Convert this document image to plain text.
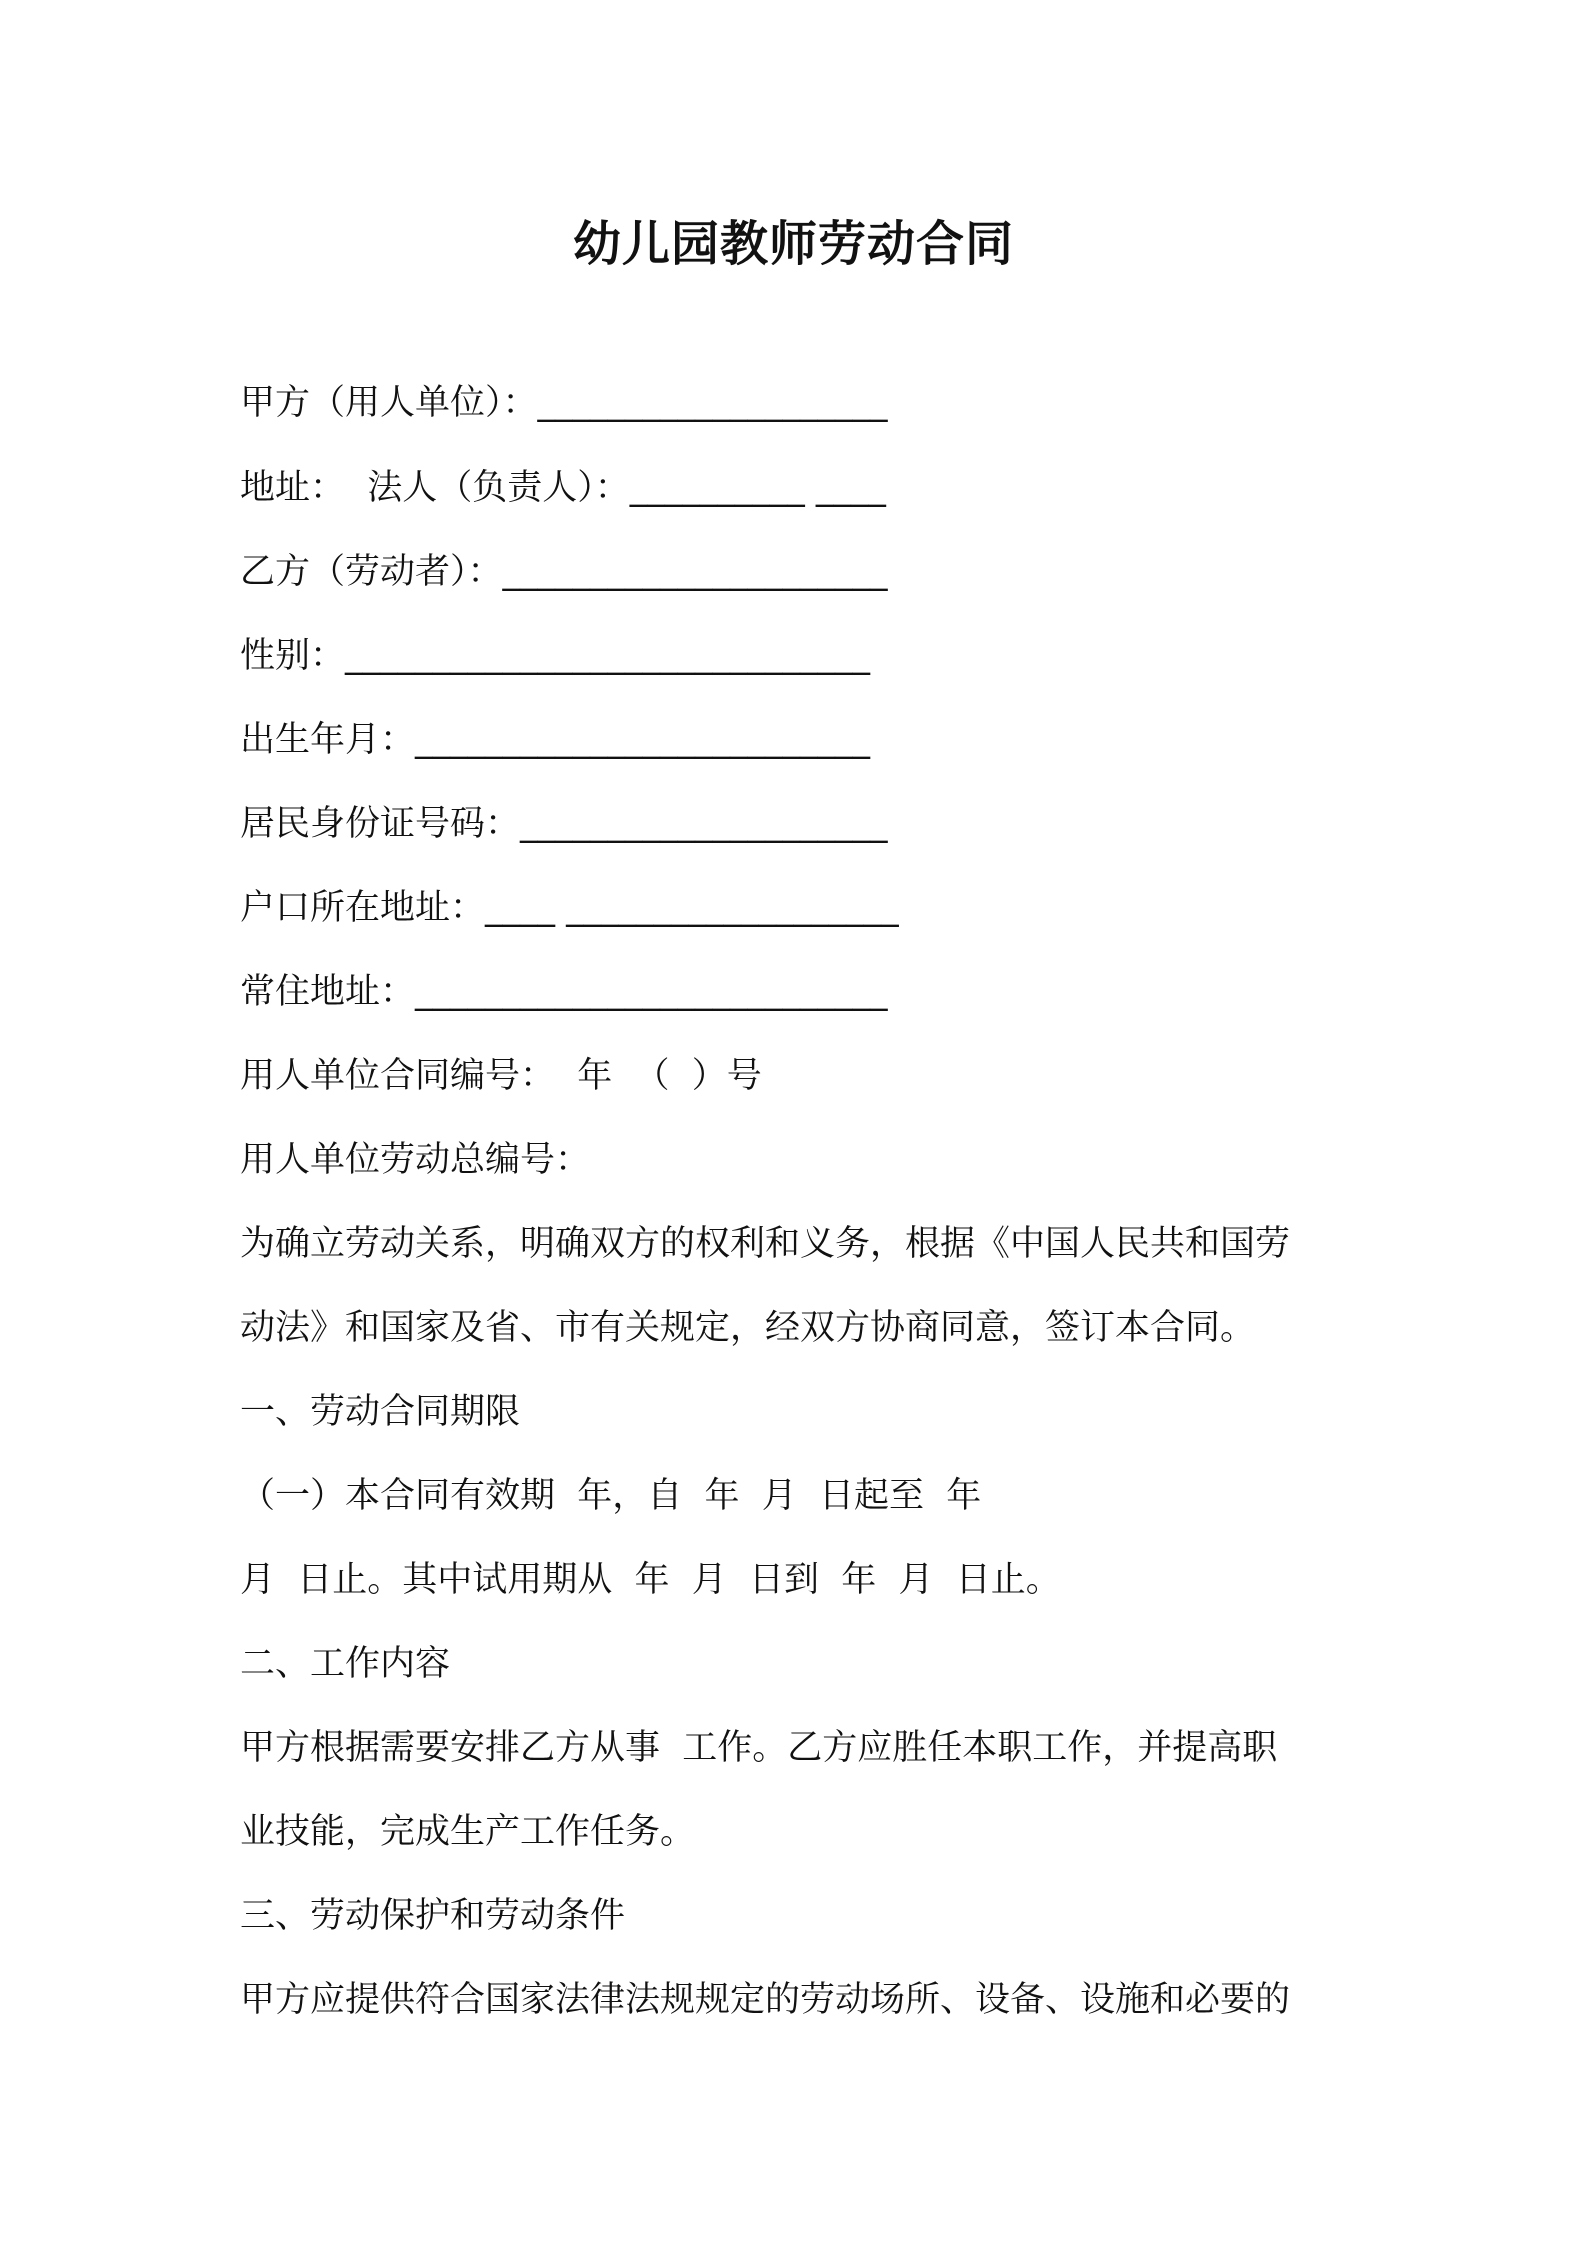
幼儿园教师劳动合同
甲方（用人单位）：____________________
地址：  法人（负责人）：__________ ____
乙方（劳动者）：______________________
性别：______________________________
出生年月：__________________________
居民身份证号码：_____________________
户口所在地址：____ ___________________
常住地址：___________________________
用人单位合同编号：  年  （  ）号
用人单位劳动总编号：
为确立劳动关系，明确双方的权利和义务，根据《中国人民共和国劳
动法》和国家及省、市有关规定，经双方协商同意，签订本合同。
一、劳动合同期限
（一）本合同有效期  年，自  年  月  日起至  年
月  日止。其中试用期从  年  月  日到  年  月  日止。
二、工作内容
甲方根据需要安排乙方从事  工作。乙方应胜任本职工作，并提高职
业技能，完成生产工作任务。
三、劳动保护和劳动条件
甲方应提供符合国家法律法规规定的劳动场所、设备、设施和必要的
